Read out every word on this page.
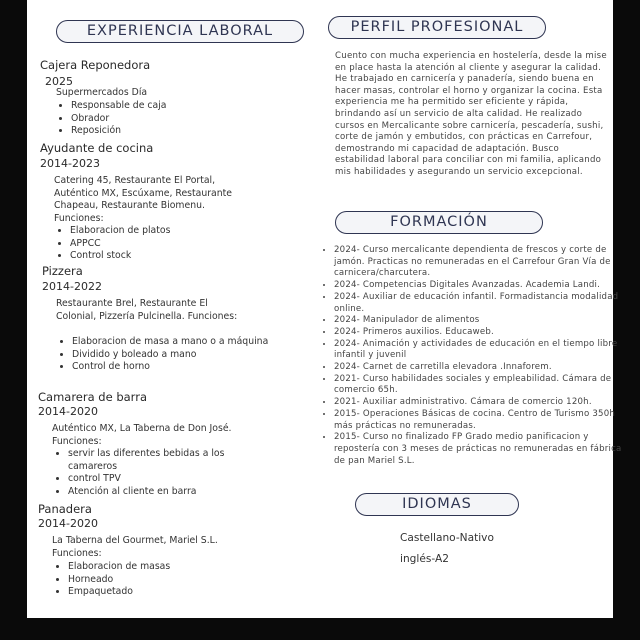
EXPERIENCIA LABORAL
Cajera Reponedora
2025
Supermercados Día
• Responsable de caja
• Obrador
• Reposición
Ayudante de cocina
2014-2023
Catering 45, Restaurante El Portal, Auténtico MX, Escúxame, Restaurante Chapeau, Restaurante Biomenu. Funciones:
• Elaboracion de platos
• APPCC
• Control stock
Pizzera
2014-2022
Restaurante Brel, Restaurante El Colonial, Pizzería Pulcinella. Funciones:
• Elaboracion de masa a mano o a máquina
• Dividido y boleado a mano
• Control de horno
Camarera de barra
2014-2020
Auténtico MX, La Taberna de Don José. Funciones:
• servir las diferentes bebidas a los camareros
• control TPV
• Atención al cliente en barra
Panadera
2014-2020
La Taberna del Gourmet, Mariel S.L. Funciones:
• Elaboracion de masas
• Horneado
• Empaquetado
PERFIL PROFESIONAL
Cuento con mucha experiencia en hostelería, desde la mise en place hasta la atención al cliente y asegurar la calidad. He trabajado en carnicería y panadería, siendo buena en hacer masas, controlar el horno y organizar la cocina. Esta experiencia me ha permitido ser eficiente y rápida, brindando así un servicio de alta calidad. He realizado cursos en Mercalicante sobre carnicería, pescadería, sushi, corte de jamón y embutidos, con prácticas en Carrefour, demostrando mi capacidad de adaptación. Busco estabilidad laboral para conciliar con mi familia, aplicando mis habilidades y asegurando un servicio excepcional.
FORMACIÓN
• 2024- Curso mercalicante dependienta de frescos y corte de jamón. Practicas no remuneradas en el Carrefour Gran Vía de carnicera/charcutera.
• 2024- Competencias Digitales Avanzadas. Academia Landi.
• 2024- Auxiliar de educación infantil. Formadistancia modalidad online.
• 2024- Manipulador de alimentos
• 2024- Primeros auxilios. Educaweb.
• 2024- Animación y actividades de educación en el tiempo libre infantil y juvenil
• 2024- Carnet de carretilla elevadora .Innaforem.
• 2021- Curso habilidades sociales y empleabilidad. Cámara de comercio 65h.
• 2021- Auxiliar administrativo. Cámara de comercio 120h.
• 2015- Operaciones Básicas de cocina. Centro de Turismo 350h más prácticas no remuneradas.
• 2015- Curso no finalizado FP Grado medio panificacion y repostería con 3 meses de prácticas no remuneradas en fábrica de pan Mariel S.L.
IDIOMAS
Castellano-Nativo
inglés-A2
